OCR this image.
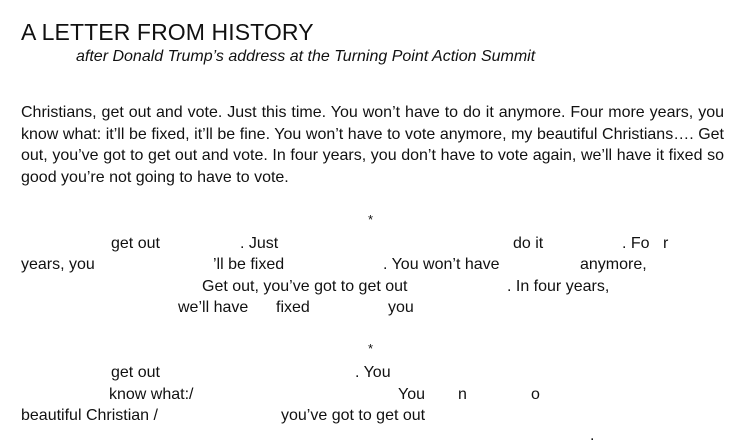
A LETTER FROM HISTORY
after Donald Trump’s address at the Turning Point Action Summit
Christians, get out and vote. Just this time. You won’t have to do it anymore. Four more years, you know what: it’ll be fixed, it’ll be fine. You won’t have to vote anymore, my beautiful Christians…. Get out, you’ve got to get out and vote. In four years, you don’t have to vote again, we’ll have it fixed so good you’re not going to have to vote.
*
get out	. Just	do it	. Fo r
years, you	’ll be fixed	. You won’t have	anymore,
Get out, you’ve got to get out	. In four years,
we’ll have fixed	you
*
get out	. You
know what:/	You n	o
beautiful Christian /	you’ve got to get out
.
